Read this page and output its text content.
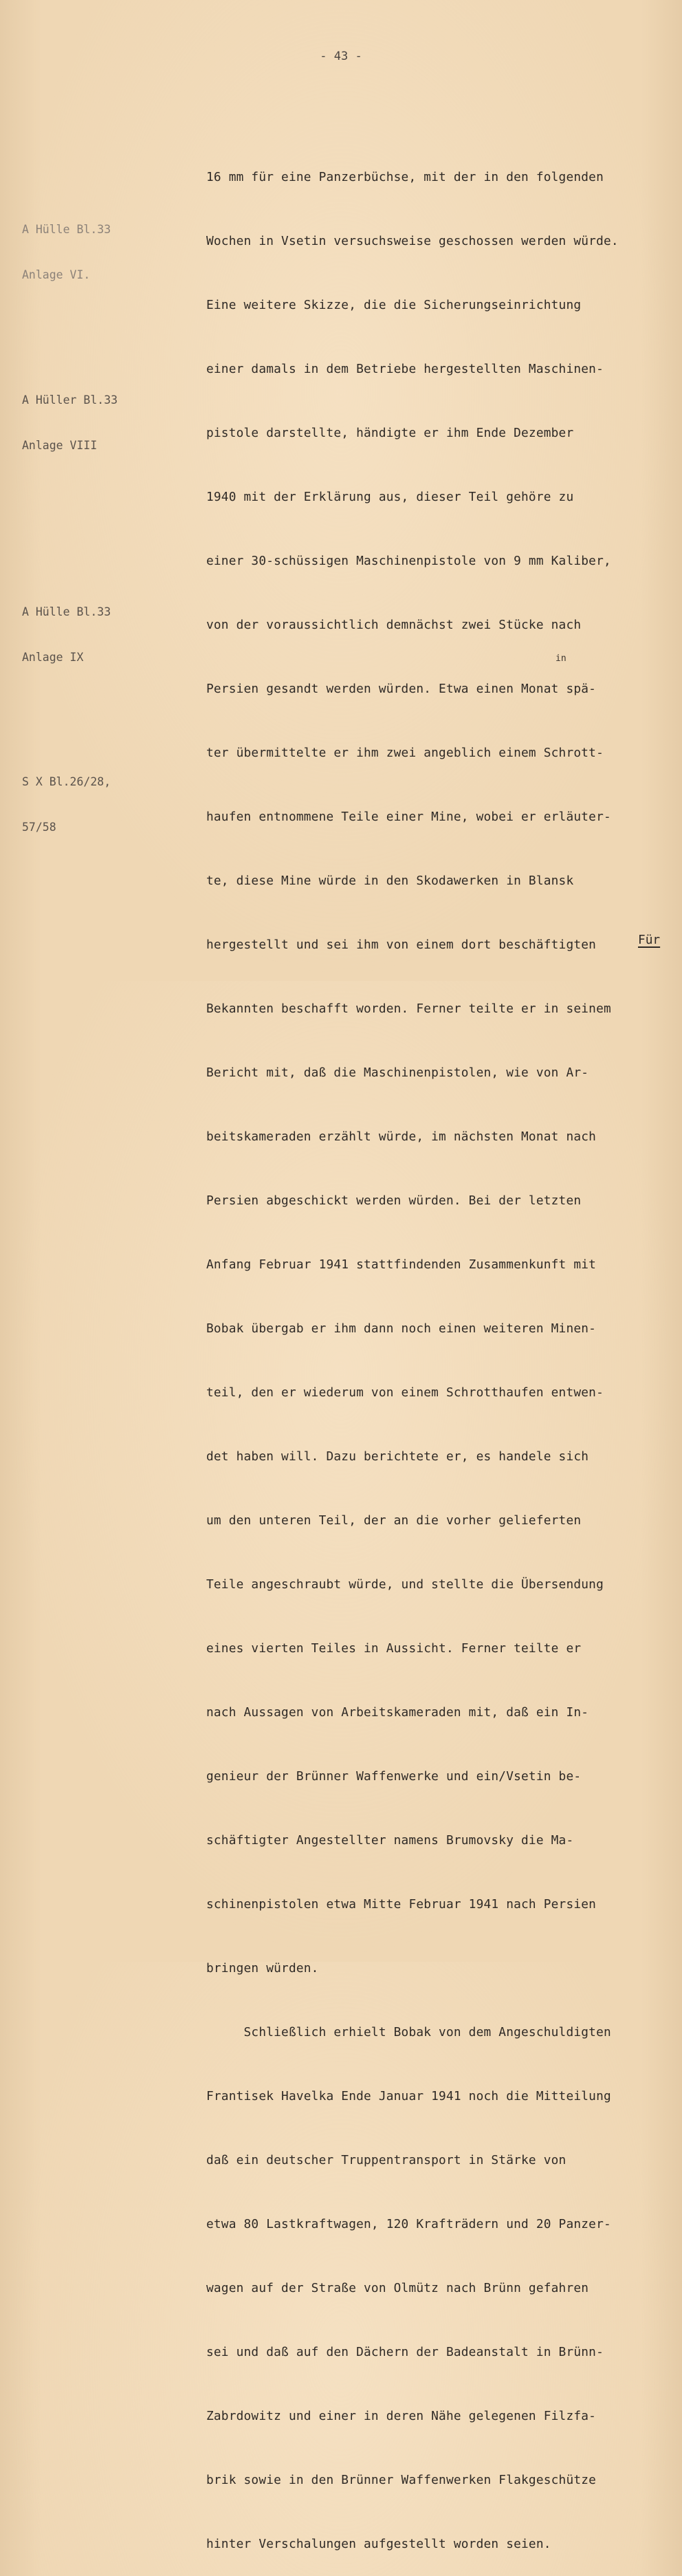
- 43 -

A Hülle Bl.33

Anlage VI.

A Hüller Bl.33

Anlage VIII

A Hülle Bl.33

Anlage IX

S X Bl.26/28,

57/58

16 mm für eine Panzerbüchse, mit der in den folgenden

Wochen in Vsetin versuchsweise geschossen werden würde.

Eine weitere Skizze, die die Sicherungseinrichtung

einer damals in dem Betriebe hergestellten Maschinen-

pistole darstellte, händigte er ihm Ende Dezember

1940 mit der Erklärung aus, dieser Teil gehöre zu

einer 30-schüssigen Maschinenpistole von 9 mm Kaliber,

von der voraussichtlich demnächst zwei Stücke nach

Persien gesandt werden würden. Etwa einen Monat spä-

ter übermittelte er ihm zwei angeblich einem Schrott-

haufen entnommene Teile einer Mine, wobei er erläuter-

te, diese Mine würde in den Skodawerken in Blansk

hergestellt und sei ihm von einem dort beschäftigten

Bekannten beschafft worden. Ferner teilte er in seinem

Bericht mit, daß die Maschinenpistolen, wie von Ar-

beitskameraden erzählt würde, im nächsten Monat nach

Persien abgeschickt werden würden. Bei der letzten

Anfang Februar 1941 stattfindenden Zusammenkunft mit

Bobak übergab er ihm dann noch einen weiteren Minen-

teil, den er wiederum von einem Schrotthaufen entwen-

det haben will. Dazu berichtete er, es handele sich

um den unteren Teil, der an die vorher gelieferten

Teile angeschraubt würde, und stellte die Übersendung

eines vierten Teiles in Aussicht. Ferner teilte er

nach Aussagen von Arbeitskameraden mit, daß ein In-

genieur der Brünner Waffenwerke und ein/Vsetin be-

schäftigter Angestellter namens Brumovsky die Ma-

schinenpistolen etwa Mitte Februar 1941 nach Persien

bringen würden.

Schließlich erhielt Bobak von dem Angeschuldigten

Frantisek Havelka Ende Januar 1941 noch die Mitteilung

daß ein deutscher Truppentransport in Stärke von

etwa 80 Lastkraftwagen, 120 Krafträdern und 20 Panzer-

wagen auf der Straße von Olmütz nach Brünn gefahren

sei und daß auf den Dächern der Badeanstalt in Brünn-

Zabrdowitz und einer in deren Nähe gelegenen Filzfa-

brik sowie in den Brünner Waffenwerken Flakgeschütze

hinter Verschalungen aufgestellt worden seien.

in
Für
